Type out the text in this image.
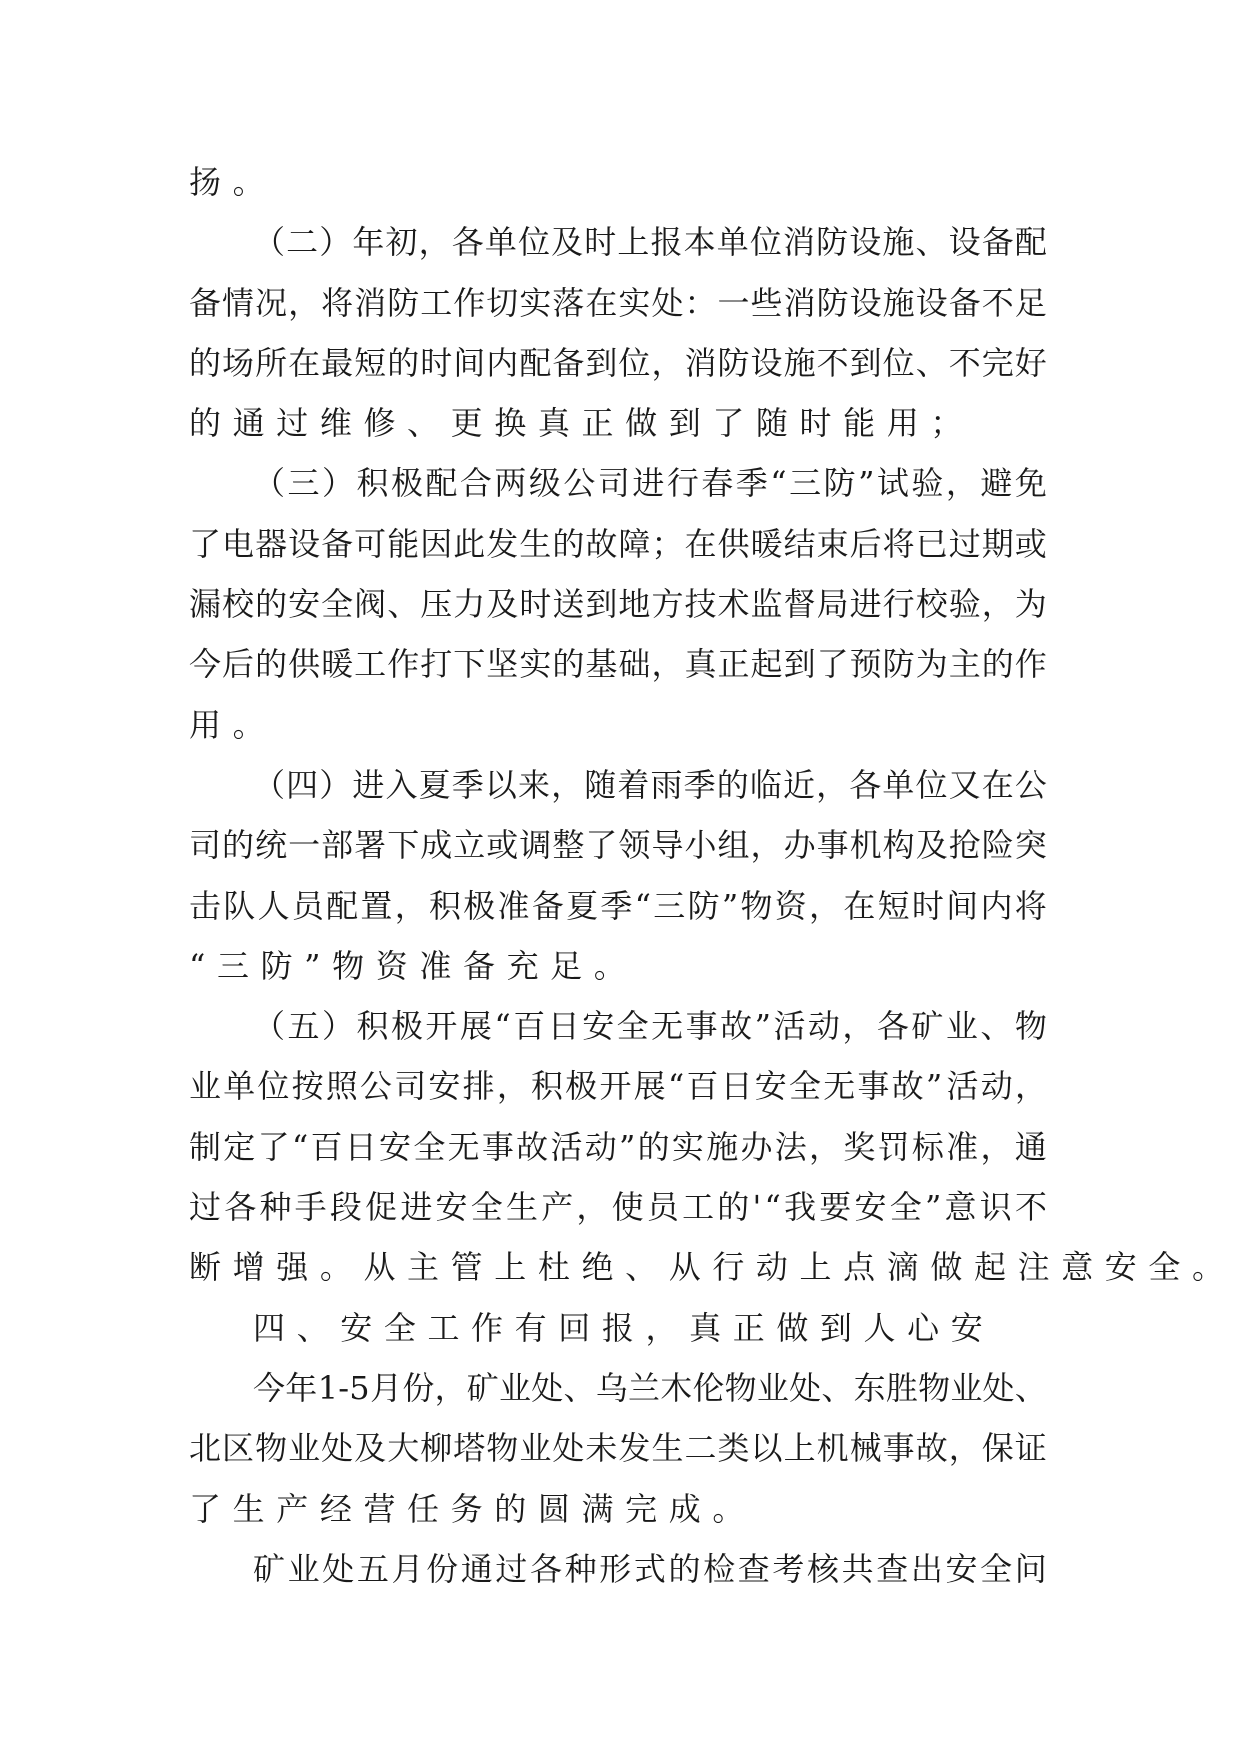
扬 。
（ 二 ） 年 初 ， 各 单 位 及 时 上 报 本 单 位 消 防 设 施 、 设 备 配
备 情 况 ， 将 消 防 工 作 切 实 落 在 实 处 ： 一 些 消 防 设 施 设 备 不 足
的 场 所 在 最 短 的 时 间 内 配 备 到 位 ， 消 防 设 施 不 到 位 、 不 完 好
的 通 过 维 修 、 更 换 真 正 做 到 了 随 时 能 用 ；
（ 三 ） 积 极 配 合 两 级 公 司 进 行 春 季 “ 三 防 ” 试 验 ， 避 免
了 电 器 设 备 可 能 因 此 发 生 的 故 障 ； 在 供 暖 结 束 后 将 已 过 期 或
漏 校 的 安 全 阀 、 压 力 及 时 送 到 地 方 技 术 监 督 局 进 行 校 验 ， 为
今 后 的 供 暖 工 作 打 下 坚 实 的 基 础 ， 真 正 起 到 了 预 防 为 主 的 作
用 。
（ 四 ） 进 入 夏 季 以 来 ， 随 着 雨 季 的 临 近 ， 各 单 位 又 在 公
司 的 统 一 部 署 下 成 立 或 调 整 了 领 导 小 组 ， 办 事 机 构 及 抢 险 突
击 队 人 员 配 置 ， 积 极 准 备 夏 季 “ 三 防 ” 物 资 ， 在 短 时 间 内 将
“ 三 防 ” 物 资 准 备 充 足 。
（ 五 ） 积 极 开 展 “ 百 日 安 全 无 事 故 ” 活 动 ， 各 矿 业 、 物
业 单 位 按 照 公 司 安 排 ， 积 极 开 展 “ 百 日 安 全 无 事 故 ” 活 动 ，
制 定 了 “ 百 日 安 全 无 事 故 活 动 ” 的 实 施 办 法 ， 奖 罚 标 准 ， 通
过 各 种 手 段 促 进 安 全 生 产 ， 使 员 工 的 ' “ 我 要 安 全 ” 意 识 不
断 增 强 。 从 主 管 上 杜 绝 、 从 行 动 上 点 滴 做 起 注 意 安 全 。
四 、 安 全 工 作 有 回 报 ， 真 正 做 到 人 心 安
今 年 1 - 5 月 份 ， 矿 业 处 、 乌 兰 木 伦 物 业 处 、 东 胜 物 业 处 、
北 区 物 业 处 及 大 柳 塔 物 业 处 未 发 生 二 类 以 上 机 械 事 故 ， 保 证
了 生 产 经 营 任 务 的 圆 满 完 成 。
矿 业 处 五 月 份 通 过 各 种 形 式 的 检 查 考 核 共 查 出 安 全 问
